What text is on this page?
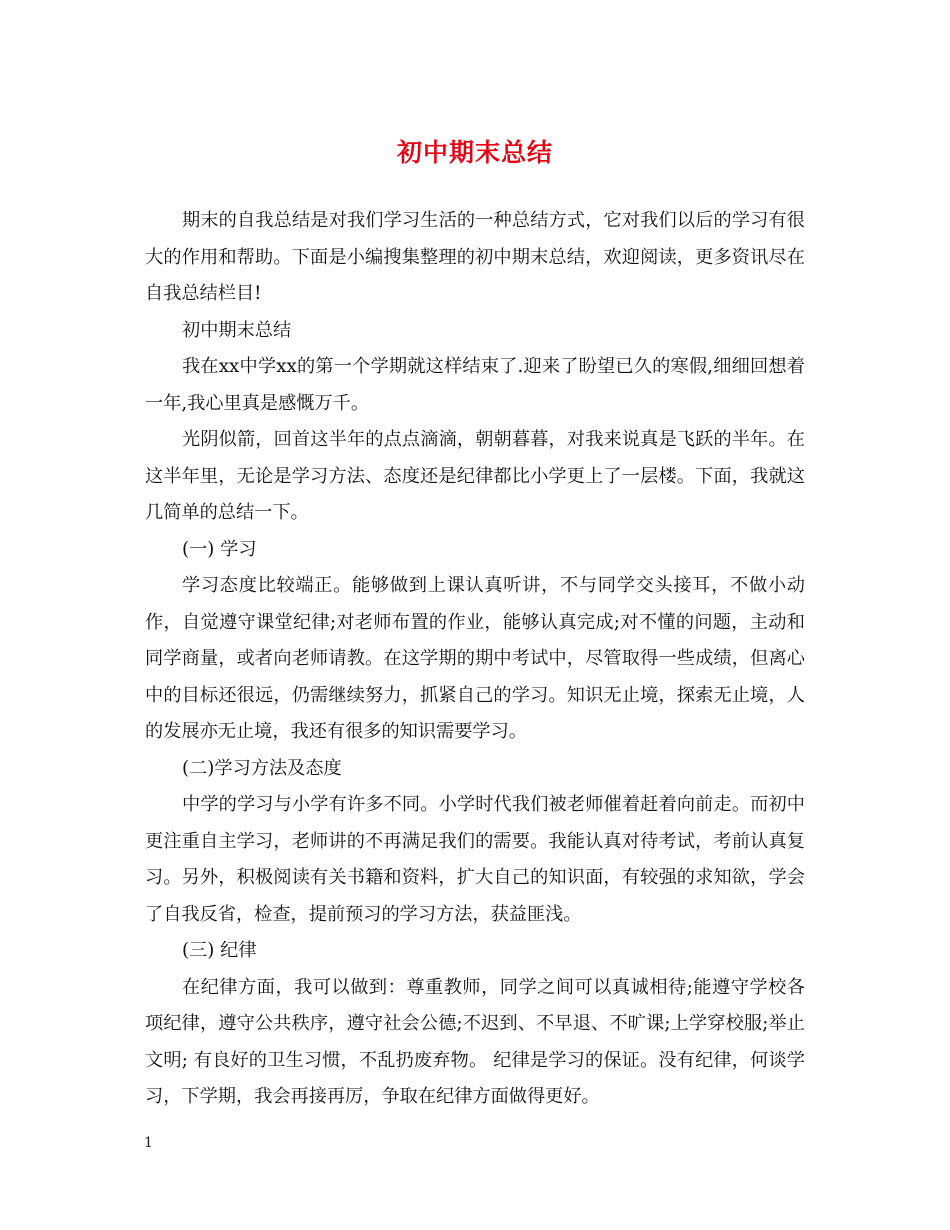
初中期末总结

期末的自我总结是对我们学习生活的一种总结方式，它对我们以后的学习有很大的作用和帮助。下面是小编搜集整理的初中期末总结，欢迎阅读，更多资讯尽在自我总结栏目!

初中期末总结

我在xx中学xx的第一个学期就这样结束了.迎来了盼望已久的寒假,细细回想着一年,我心里真是感慨万千。

光阴似箭，回首这半年的点点滴滴，朝朝暮暮，对我来说真是飞跃的半年。在这半年里，无论是学习方法、态度还是纪律都比小学更上了一层楼。下面，我就这几简单的总结一下。

(一) 学习

学习态度比较端正。能够做到上课认真听讲，不与同学交头接耳，不做小动作，自觉遵守课堂纪律;对老师布置的作业，能够认真完成;对不懂的问题，主动和同学商量，或者向老师请教。在这学期的期中考试中，尽管取得一些成绩，但离心中的目标还很远，仍需继续努力，抓紧自己的学习。知识无止境，探索无止境，人的发展亦无止境，我还有很多的知识需要学习。

(二)学习方法及态度

中学的学习与小学有许多不同。小学时代我们被老师催着赶着向前走。而初中更注重自主学习，老师讲的不再满足我们的需要。我能认真对待考试，考前认真复习。另外，积极阅读有关书籍和资料，扩大自己的知识面，有较强的求知欲，学会了自我反省，检查，提前预习的学习方法，获益匪浅。

(三) 纪律

在纪律方面，我可以做到：尊重教师，同学之间可以真诚相待;能遵守学校各项纪律，遵守公共秩序，遵守社会公德;不迟到、不早退、不旷课;上学穿校服;举止文明; 有良好的卫生习惯，不乱扔废弃物。 纪律是学习的保证。没有纪律，何谈学习，下学期，我会再接再厉，争取在纪律方面做得更好。

1
